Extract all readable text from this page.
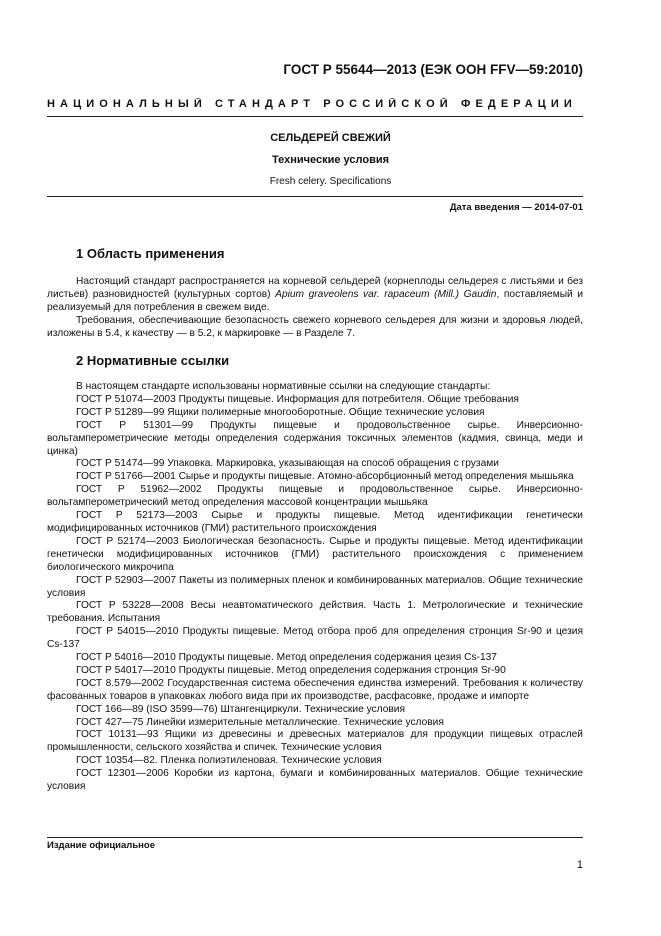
ГОСТ Р 55644—2013 (ЕЭК ООН FFV—59:2010)
НАЦИОНАЛЬНЫЙ СТАНДАРТ РОССИЙСКОЙ ФЕДЕРАЦИИ
СЕЛЬДЕРЕЙ СВЕЖИЙ
Технические условия
Fresh celery. Specifications
Дата введения — 2014-07-01
1 Область применения

Настоящий стандарт распространяется на корневой сельдерей (корнеплоды сельдерея с листьями и без листьев) разновидностей (культурных сортов) Apium graveolens var. rapaceum (Mill.) Gaudin, поставляемый и реализуемый для потребления в свежем виде.

Требования, обеспечивающие безопасность свежего корневого сельдерея для жизни и здоровья людей, изложены в 5.4, к качеству — в 5.2, к маркировке — в Разделе 7.

2 Нормативные ссылки

В настоящем стандарте использованы нормативные ссылки на следующие стандарты:

ГОСТ Р 51074—2003 Продукты пищевые. Информация для потребителя. Общие требования

ГОСТ Р 51289—99 Ящики полимерные многооборотные. Общие технические условия

ГОСТ Р 51301—99 Продукты пищевые и продовольственное сырье. Инверсионно-вольтамперометрические методы определения содержания токсичных элементов (кадмия, свинца, меди и цинка)

ГОСТ Р 51474—99 Упаковка. Маркировка, указывающая на способ обращения с грузами

ГОСТ Р 51766—2001 Сырье и продукты пищевые. Атомно-абсорбционный метод определения мышьяка

ГОСТ Р 51962—2002 Продукты пищевые и продовольственное сырье. Инверсионно-вольтамперометрический метод определения массовой концентрации мышьяка

ГОСТ Р 52173—2003 Сырье и продукты пищевые. Метод идентификации генетически модифицированных источников (ГМИ) растительного происхождения

ГОСТ Р 52174—2003 Биологическая безопасность. Сырье и продукты пищевые. Метод идентификации генетически модифицированных источников (ГМИ) растительного происхождения с применением биологического микрочипа

ГОСТ Р 52903—2007 Пакеты из полимерных пленок и комбинированных материалов. Общие технические условия

ГОСТ Р 53228—2008 Весы неавтоматического действия. Часть 1. Метрологические и технические требования. Испытания

ГОСТ Р 54015—2010 Продукты пищевые. Метод отбора проб для определения стронция Sr-90 и цезия Cs-137

ГОСТ Р 54016—2010 Продукты пищевые. Метод определения содержания цезия Cs-137

ГОСТ Р 54017—2010 Продукты пищевые. Метод определения содержания стронция Sr-90

ГОСТ 8.579—2002 Государственная система обеспечения единства измерений. Требования к количеству фасованных товаров в упаковках любого вида при их производстве, расфасовке, продаже и импорте

ГОСТ 166—89 (ISO 3599—76) Штангенциркули. Технические условия

ГОСТ 427—75 Линейки измерительные металлические. Технические условия

ГОСТ 10131—93 Ящики из древесины и древесных материалов для продукции пищевых отраслей промышленности, сельского хозяйства и спичек. Технические условия

ГОСТ 10354—82. Пленка полиэтиленовая. Технические условия

ГОСТ 12301—2006 Коробки из картона, бумаги и комбинированных материалов. Общие технические условия

Издание официальное
1
